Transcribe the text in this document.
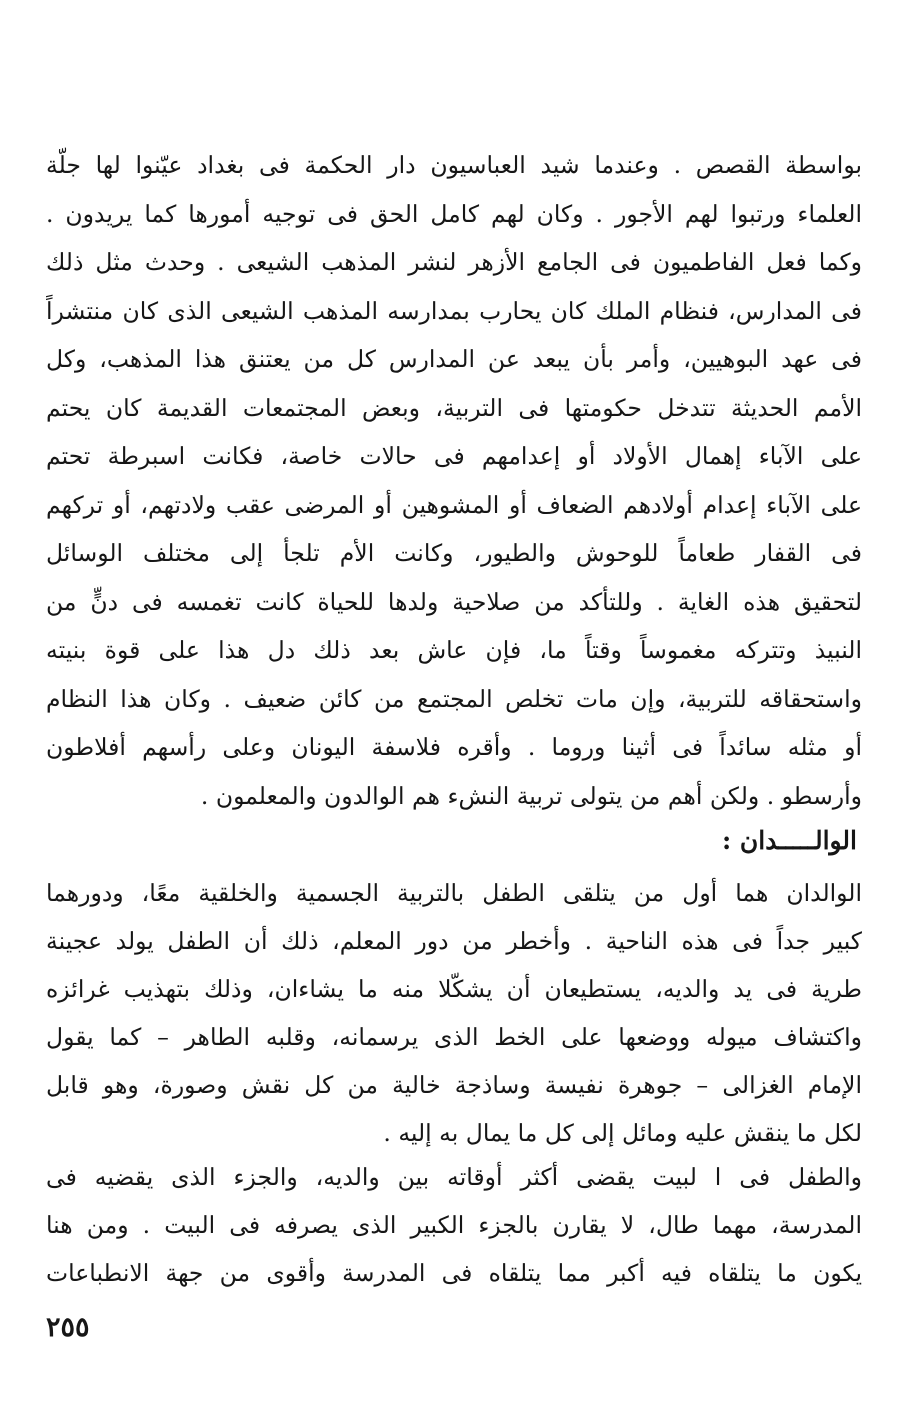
بواسطة القصص . وعندما شيد العباسيون دار الحكمة فى بغداد عيّنوا لها جلّة
العلماء ورتبوا لهم الأجور . وكان لهم كامل الحق فى توجيه أمورها كما يريدون .
وكما فعل الفاطميون فى الجامع الأزهر لنشر المذهب الشيعى . وحدث مثل ذلك
فى المدارس، فنظام الملك كان يحارب بمدارسه المذهب الشيعى الذى كان منتشراً
فى عهد البوهيين، وأمر بأن يبعد عن المدارس كل من يعتنق هذا المذهب، وكل
الأمم الحديثة تتدخل حكومتها فى التربية، وبعض المجتمعات القديمة كان يحتم
على الآباء إهمال الأولاد أو إعدامهم فى حالات خاصة، فكانت اسبرطة تحتم
على الآباء إعدام أولادهم الضعاف أو المشوهين أو المرضى عقب ولادتهم، أو تركهم
فى القفار طعاماً للوحوش والطيور، وكانت الأم تلجأ إلى مختلف الوسائل
لتحقيق هذه الغاية . وللتأكد من صلاحية ولدها للحياة كانت تغمسه فى دنٍّ من
النبيذ وتتركه مغموساً وقتاً ما، فإن عاش بعد ذلك دل هذا على قوة بنيته
واستحقاقه للتربية، وإن مات تخلص المجتمع من كائن ضعيف . وكان هذا النظام
أو مثله سائداً فى أثينا وروما . وأقره فلاسفة اليونان وعلى رأسهم أفلاطون
وأرسطو . ولكن أهم من يتولى تربية النشء هم الوالدون والمعلمون .
الوالـــــدان :
الوالدان هما أول من يتلقى الطفل بالتربية الجسمية والخلقية معًا، ودورهما
كبير جداً فى هذه الناحية . وأخطر من دور المعلم، ذلك أن الطفل يولد عجينة
طرية فى يد والديه، يستطيعان أن يشكّلا منه ما يشاءان، وذلك بتهذيب غرائزه
واكتشاف ميوله ووضعها على الخط الذى يرسمانه، وقلبه الطاهر – كما يقول
الإمام الغزالى – جوهرة نفيسة وساذجة خالية من كل نقش وصورة، وهو قابل
لكل ما ينقش عليه ومائل إلى كل ما يمال به إليه .
والطفل فى ا لبيت يقضى أكثر أوقاته بين والديه، والجزء الذى يقضيه فى
المدرسة، مهما طال، لا يقارن بالجزء الكبير الذى يصرفه فى البيت . ومن هنا
يكون ما يتلقاه فيه أكبر مما يتلقاه فى المدرسة وأقوى من جهة الانطباعات
٢٥٥
